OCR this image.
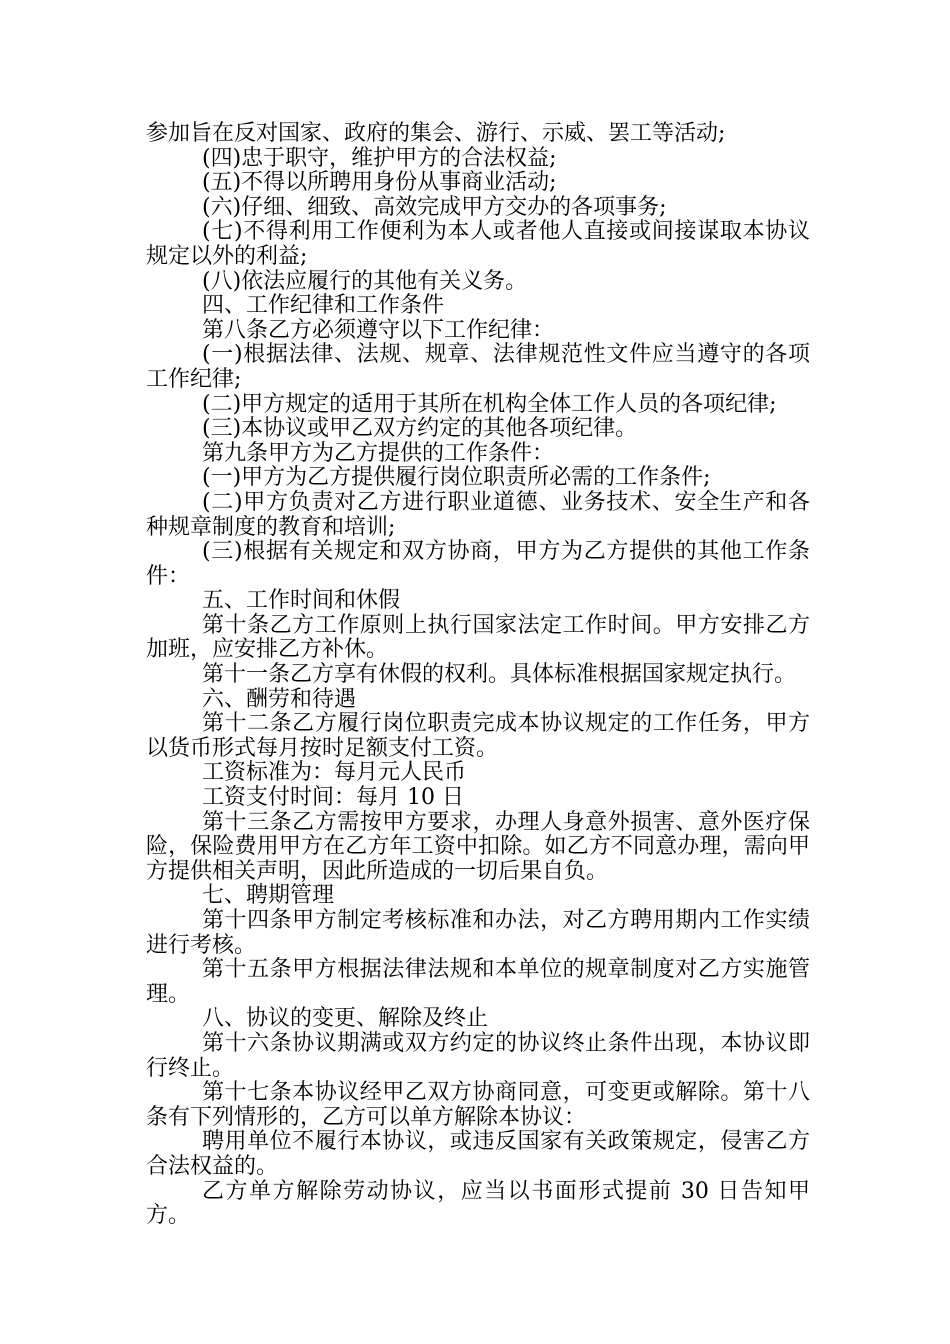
参加旨在反对国家、政府的集会、游行、示威、罢工等活动;

(四)忠于职守，维护甲方的合法权益;

(五)不得以所聘用身份从事商业活动;

(六)仔细、细致、高效完成甲方交办的各项事务;

(七)不得利用工作便利为本人或者他人直接或间接谋取本协议规定以外的利益;

(八)依法应履行的其他有关义务。

四、工作纪律和工作条件

第八条乙方必须遵守以下工作纪律：

(一)根据法律、法规、规章、法律规范性文件应当遵守的各项工作纪律;

(二)甲方规定的适用于其所在机构全体工作人员的各项纪律;

(三)本协议或甲乙双方约定的其他各项纪律。

第九条甲方为乙方提供的工作条件：

(一)甲方为乙方提供履行岗位职责所必需的工作条件;

(二)甲方负责对乙方进行职业道德、业务技术、安全生产和各种规章制度的教育和培训;

(三)根据有关规定和双方协商，甲方为乙方提供的其他工作条件：

五、工作时间和休假

第十条乙方工作原则上执行国家法定工作时间。甲方安排乙方加班，应安排乙方补休。

第十一条乙方享有休假的权利。具体标准根据国家规定执行。

六、酬劳和待遇

第十二条乙方履行岗位职责完成本协议规定的工作任务，甲方以货币形式每月按时足额支付工资。

工资标准为：每月元人民币

工资支付时间：每月 10 日

第十三条乙方需按甲方要求，办理人身意外损害、意外医疗保险，保险费用甲方在乙方年工资中扣除。如乙方不同意办理，需向甲方提供相关声明，因此所造成的一切后果自负。

七、聘期管理

第十四条甲方制定考核标准和办法，对乙方聘用期内工作实绩进行考核。

第十五条甲方根据法律法规和本单位的规章制度对乙方实施管理。

八、协议的变更、解除及终止

第十六条协议期满或双方约定的协议终止条件出现，本协议即行终止。

第十七条本协议经甲乙双方协商同意，可变更或解除。第十八条有下列情形的，乙方可以单方解除本协议：

聘用单位不履行本协议，或违反国家有关政策规定，侵害乙方合法权益的。

乙方单方解除劳动协议，应当以书面形式提前 30 日告知甲方。
